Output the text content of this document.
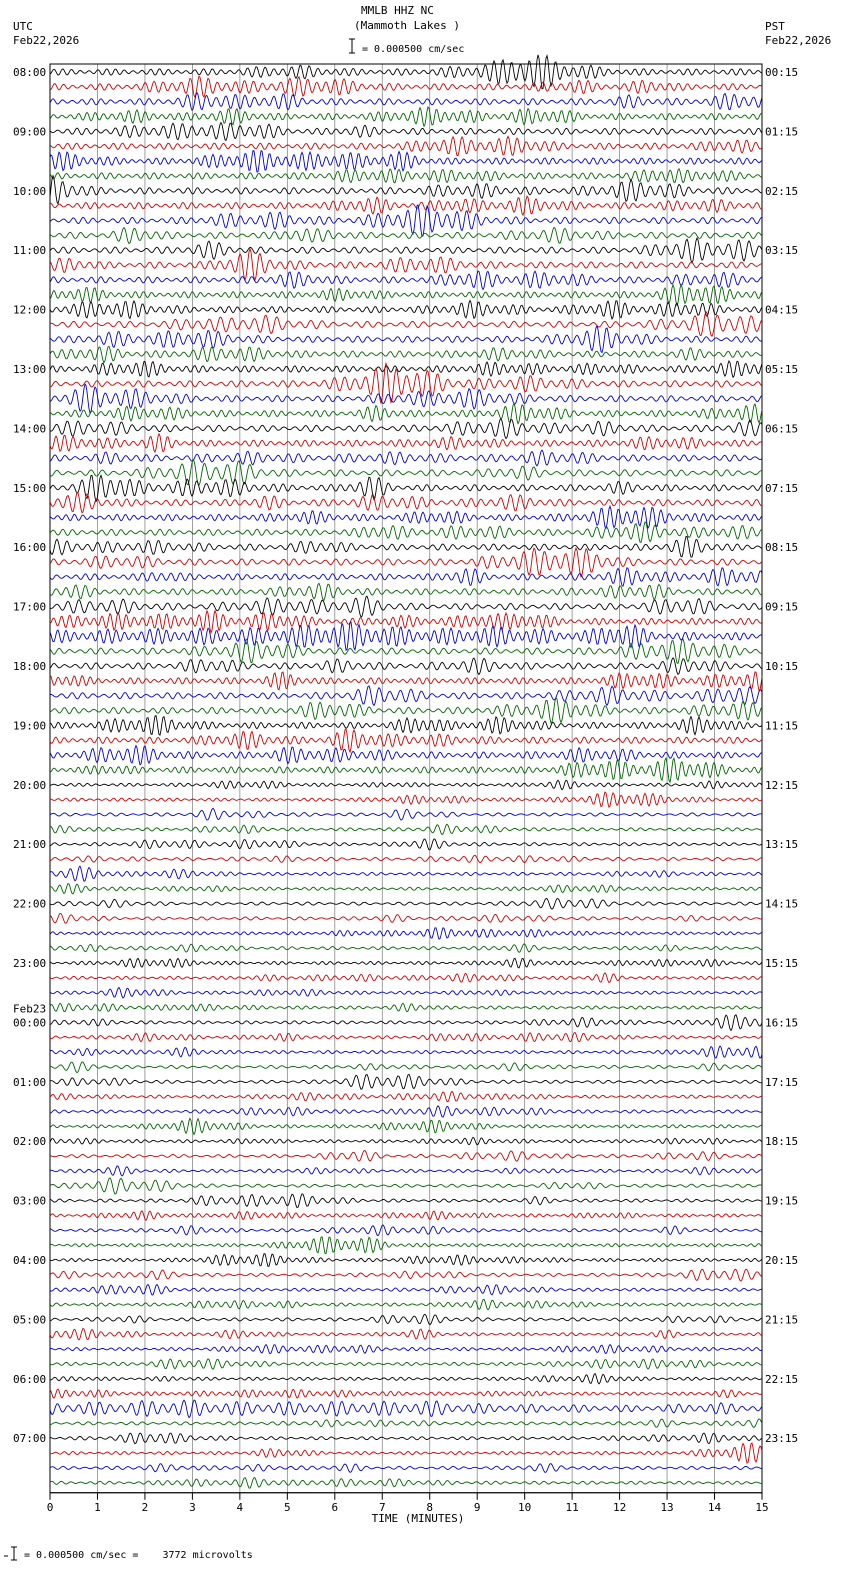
MMLB HHZ NC
(Mammoth Lakes )
= 0.000500 cm/sec
UTC
Feb22,2026
PST
Feb22,2026
= 0.000500 cm/sec =    3772 microvolts
08:00
09:00
10:00
11:00
12:00
13:00
14:00
15:00
16:00
17:00
18:00
19:00
20:00
21:00
22:00
23:00
00:00
Feb23
01:00
02:00
03:00
04:00
05:00
06:00
07:00
00:15
01:15
02:15
03:15
04:15
05:15
06:15
07:15
08:15
09:15
10:15
11:15
12:15
13:15
14:15
15:15
16:15
17:15
18:15
19:15
20:15
21:15
22:15
23:15
0	1	2	3	4	5	6	7	8	9	10	11	12	13	14	15
TIME (MINUTES)
